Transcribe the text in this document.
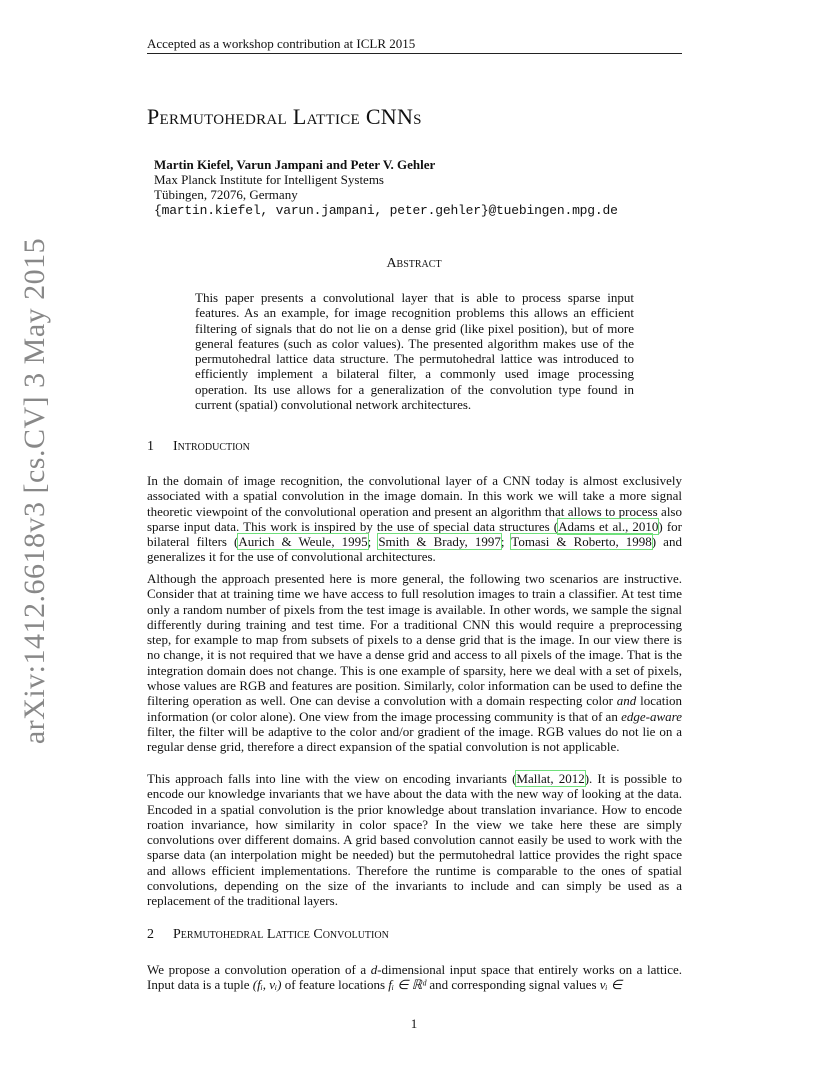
Accepted as a workshop contribution at ICLR 2015
arXiv:1412.6618v3 [cs.CV] 3 May 2015
Permutohedral Lattice CNNs
Martin Kiefel, Varun Jampani and Peter V. Gehler
Max Planck Institute for Intelligent Systems
Tübingen, 72076, Germany
{martin.kiefel, varun.jampani, peter.gehler}@tuebingen.mpg.de
Abstract
This paper presents a convolutional layer that is able to process sparse input features. As an example, for image recognition problems this allows an efficient filtering of signals that do not lie on a dense grid (like pixel position), but of more general features (such as color values). The presented algorithm makes use of the permutohedral lattice data structure. The permutohedral lattice was introduced to efficiently implement a bilateral filter, a commonly used image processing operation. Its use allows for a generalization of the convolution type found in current (spatial) convolutional network architectures.
1 Introduction

In the domain of image recognition, the convolutional layer of a CNN today is almost exclusively associated with a spatial convolution in the image domain. In this work we will take a more signal theoretic viewpoint of the convolutional operation and present an algorithm that allows to process also sparse input data. This work is inspired by the use of special data structures (Adams et al., 2010) for bilateral filters (Aurich & Weule, 1995; Smith & Brady, 1997; Tomasi & Roberto, 1998) and generalizes it for the use of convolutional architectures.

Although the approach presented here is more general, the following two scenarios are instructive. Consider that at training time we have access to full resolution images to train a classifier. At test time only a random number of pixels from the test image is available. In other words, we sample the signal differently during training and test time. For a traditional CNN this would require a preprocessing step, for example to map from subsets of pixels to a dense grid that is the image. In our view there is no change, it is not required that we have a dense grid and access to all pixels of the image. That is the integration domain does not change. This is one example of sparsity, here we deal with a set of pixels, whose values are RGB and features are position. Similarly, color information can be used to define the filtering operation as well. One can devise a convolution with a domain respecting color and location information (or color alone). One view from the image processing community is that of an edge-aware filter, the filter will be adaptive to the color and/or gradient of the image. RGB values do not lie on a regular dense grid, therefore a direct expansion of the spatial convolution is not applicable.

This approach falls into line with the view on encoding invariants (Mallat, 2012). It is possible to encode our knowledge invariants that we have about the data with the new way of looking at the data. Encoded in a spatial convolution is the prior knowledge about translation invariance. How to encode roation invariance, how similarity in color space? In the view we take here these are simply convolutions over different domains. A grid based convolution cannot easily be used to work with the sparse data (an interpolation might be needed) but the permutohedral lattice provides the right space and allows efficient implementations. Therefore the runtime is comparable to the ones of spatial convolutions, depending on the size of the invariants to include and can simply be used as a replacement of the traditional layers.

2 Permutohedral Lattice Convolution

We propose a convolution operation of a d-dimensional input space that entirely works on a lattice. Input data is a tuple (fᵢ, vᵢ) of feature locations fᵢ ∈ ℝᵈ and corresponding signal values vᵢ ∈

1
